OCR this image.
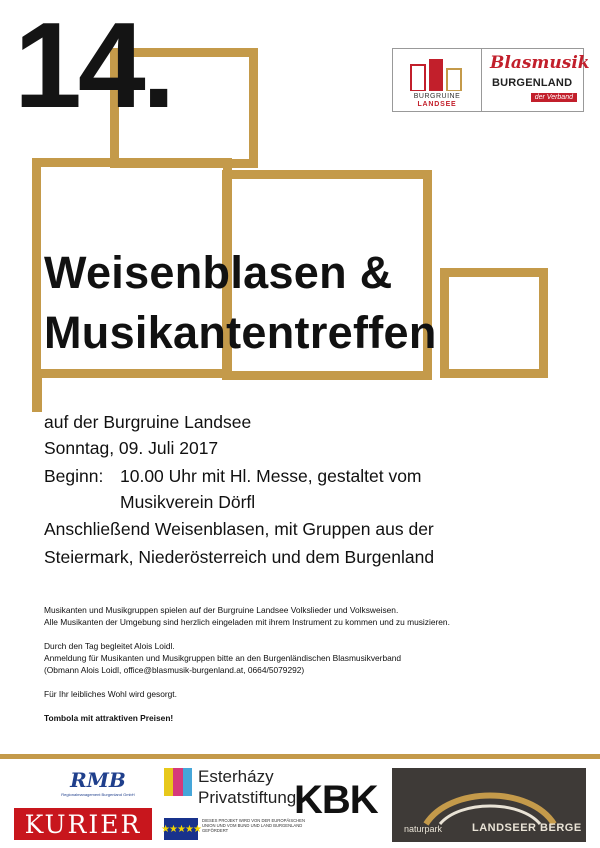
14.	BURGRUINE
LANDSEE
Blasmusik
BURGENLAND
der Verband
Weisenblasen &
Musikantentreffen
auf der Burgruine Landsee
Sonntag, 09. Juli 2017
Beginn: 10.00 Uhr mit Hl. Messe, gestaltet vom
Musikverein Dörfl
Anschließend Weisenblasen, mit Gruppen aus der
Steiermark, Niederösterreich und dem Burgenland
Musikanten und Musikgruppen spielen auf der Burgruine Landsee Volkslieder und Volksweisen.
Alle Musikanten der Umgebung sind herzlich eingeladen mit ihrem Instrument zu kommen und zu musizieren.
Durch den Tag begleitet Alois Loidl.
Anmeldung für Musikanten und Musikgruppen bitte an den Burgenländischen Blasmusikverband
(Obmann Alois Loidl, office@blasmusik-burgenland.at, 0664/5079292)
Für Ihr leibliches Wohl wird gesorgt.
Tombola mit attraktiven Preisen!
RMB
Regionalmanagement Burgenland GmbH
KURIER
Esterházy
Privatstiftung
★★★★★
DIESES PROJEKT WIRD VON DER EUROPÄISCHEN UNION UND VOM BUND UND LAND BURGENLAND GEFÖRDERT
KBK
naturpark	LANDSEER BERGE
